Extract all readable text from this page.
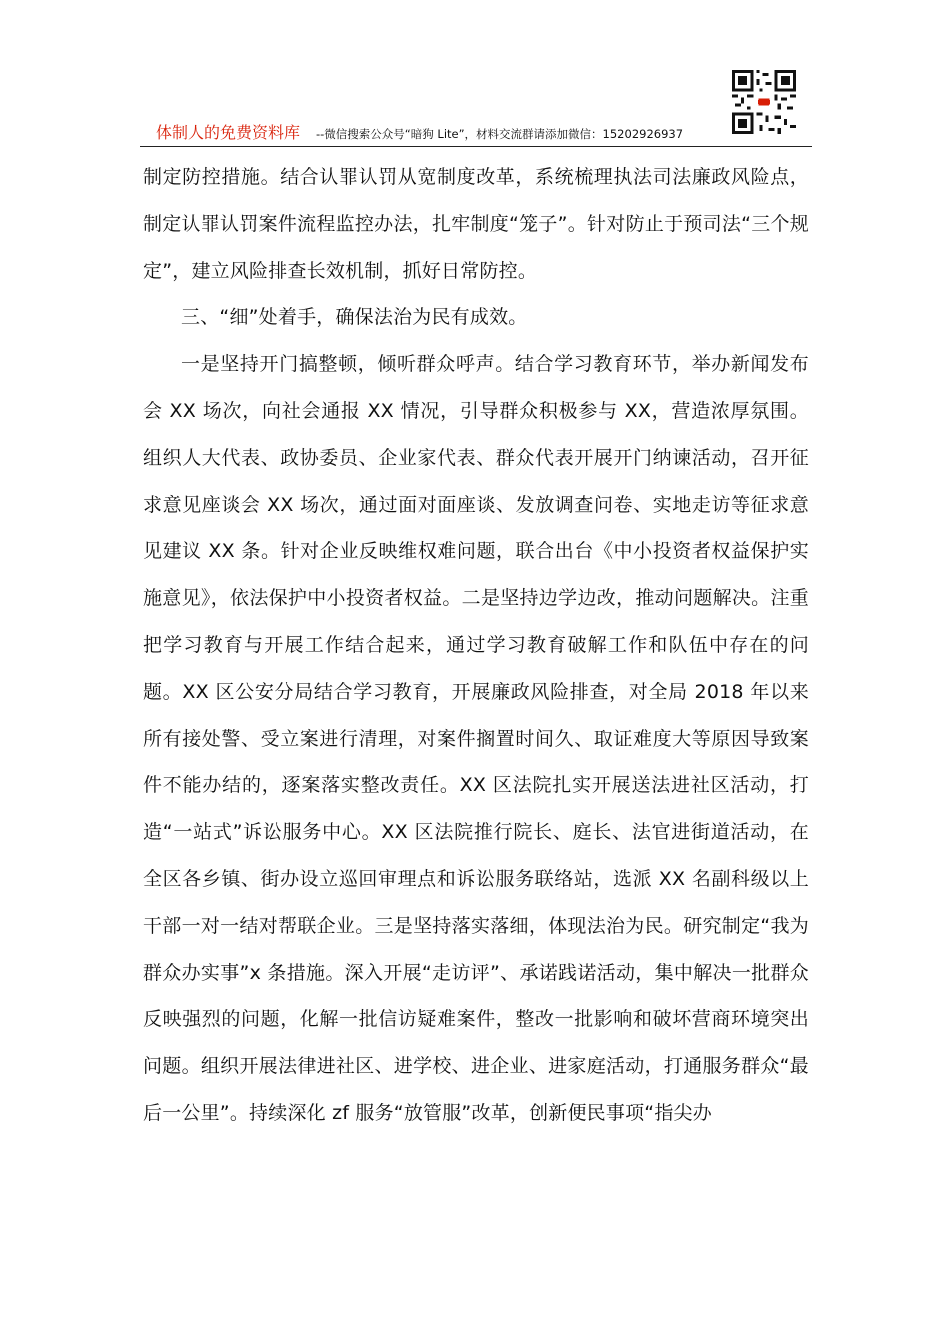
体制人的免费资料库 --微信搜索公众号“暗狗 Lite”，材料交流群请添加微信：15202926937

制定防控措施。结合认罪认罚从宽制度改革，系统梳理执法司法廉政风险点，制定认罪认罚案件流程监控办法，扎牢制度“笼子”。针对防止于预司法“三个规定”，建立风险排查长效机制，抓好日常防控。

三、“细”处着手，确保法治为民有成效。

一是坚持开门搞整顿，倾听群众呼声。结合学习教育环节，举办新闻发布会 XX 场次，向社会通报 XX 情况，引导群众积极参与 XX，营造浓厚氛围。组织人大代表、政协委员、企业家代表、群众代表开展开门纳谏活动，召开征求意见座谈会 XX 场次，通过面对面座谈、发放调查问卷、实地走访等征求意见建议 XX 条。针对企业反映维权难问题，联合出台《中小投资者权益保护实施意见》，依法保护中小投资者权益。二是坚持边学边改，推动问题解决。注重把学习教育与开展工作结合起来，通过学习教育破解工作和队伍中存在的问题。XX 区公安分局结合学习教育，开展廉政风险排查，对全局 2018 年以来所有接处警、受立案进行清理，对案件搁置时间久、取证难度大等原因导致案件不能办结的，逐案落实整改责任。XX 区法院扎实开展送法进社区活动，打造“一站式”诉讼服务中心。XX 区法院推行院长、庭长、法官进街道活动，在全区各乡镇、街办设立巡回审理点和诉讼服务联络站，选派 XX 名副科级以上干部一对一结对帮联企业。三是坚持落实落细，体现法治为民。研究制定“我为群众办实事”x 条措施。深入开展“走访评”、承诺践诺活动，集中解决一批群众反映强烈的问题，化解一批信访疑难案件，整改一批影响和破坏营商环境突出问题。组织开展法律进社区、进学校、进企业、进家庭活动，打通服务群众“最后一公里”。持续深化 zf 服务“放管服”改革，创新便民事项“指尖办
